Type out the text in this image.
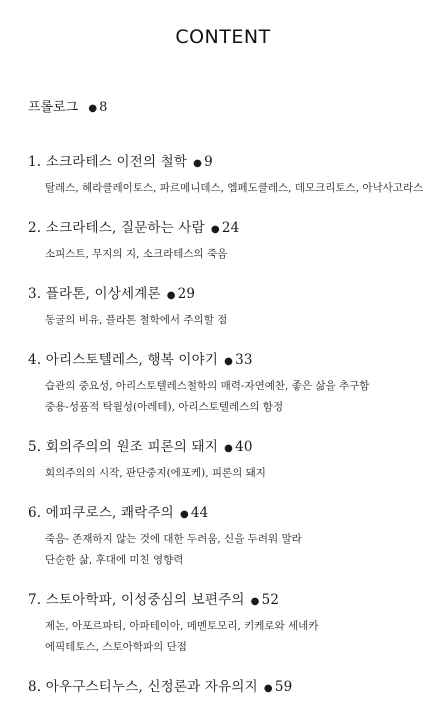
CONTENT
프롤로그 ● 8
1. 소크라테스 이전의 철학 ● 9
탈레스, 헤라클레이토스, 파르메니데스, 엠페도클레스, 데모크리토스, 아낙사고라스
2. 소크라테스, 질문하는 사람 ● 24
소피스트, 무지의 지, 소크라테스의 죽음
3. 플라톤, 이상세계론 ● 29
동굴의 비유, 플라톤 철학에서 주의할 점
4. 아리스토텔레스, 행복 이야기 ● 33
습관의 중요성, 아리스토텔레스철학의 매력-자연예찬, 좋은 삶을 추구함
중용-성품적 탁월성(아레테), 아리스토텔레스의 함정
5. 회의주의의 원조 피론의 돼지 ● 40
회의주의의 시작, 판단중지(에포케), 피론의 돼지
6. 에피쿠로스, 쾌락주의 ● 44
죽음- 존재하지 않는 것에 대한 두려움, 신을 두려워 말라
단순한 삶, 후대에 미친 영향력
7. 스토아학파, 이성중심의 보편주의 ● 52
제논, 아포르파티, 아파테이아, 메멘토모리, 키케로와 세네카
에픽테토스, 스토아학파의 단점
8. 아우구스티누스, 신정론과 자유의지 ● 59
